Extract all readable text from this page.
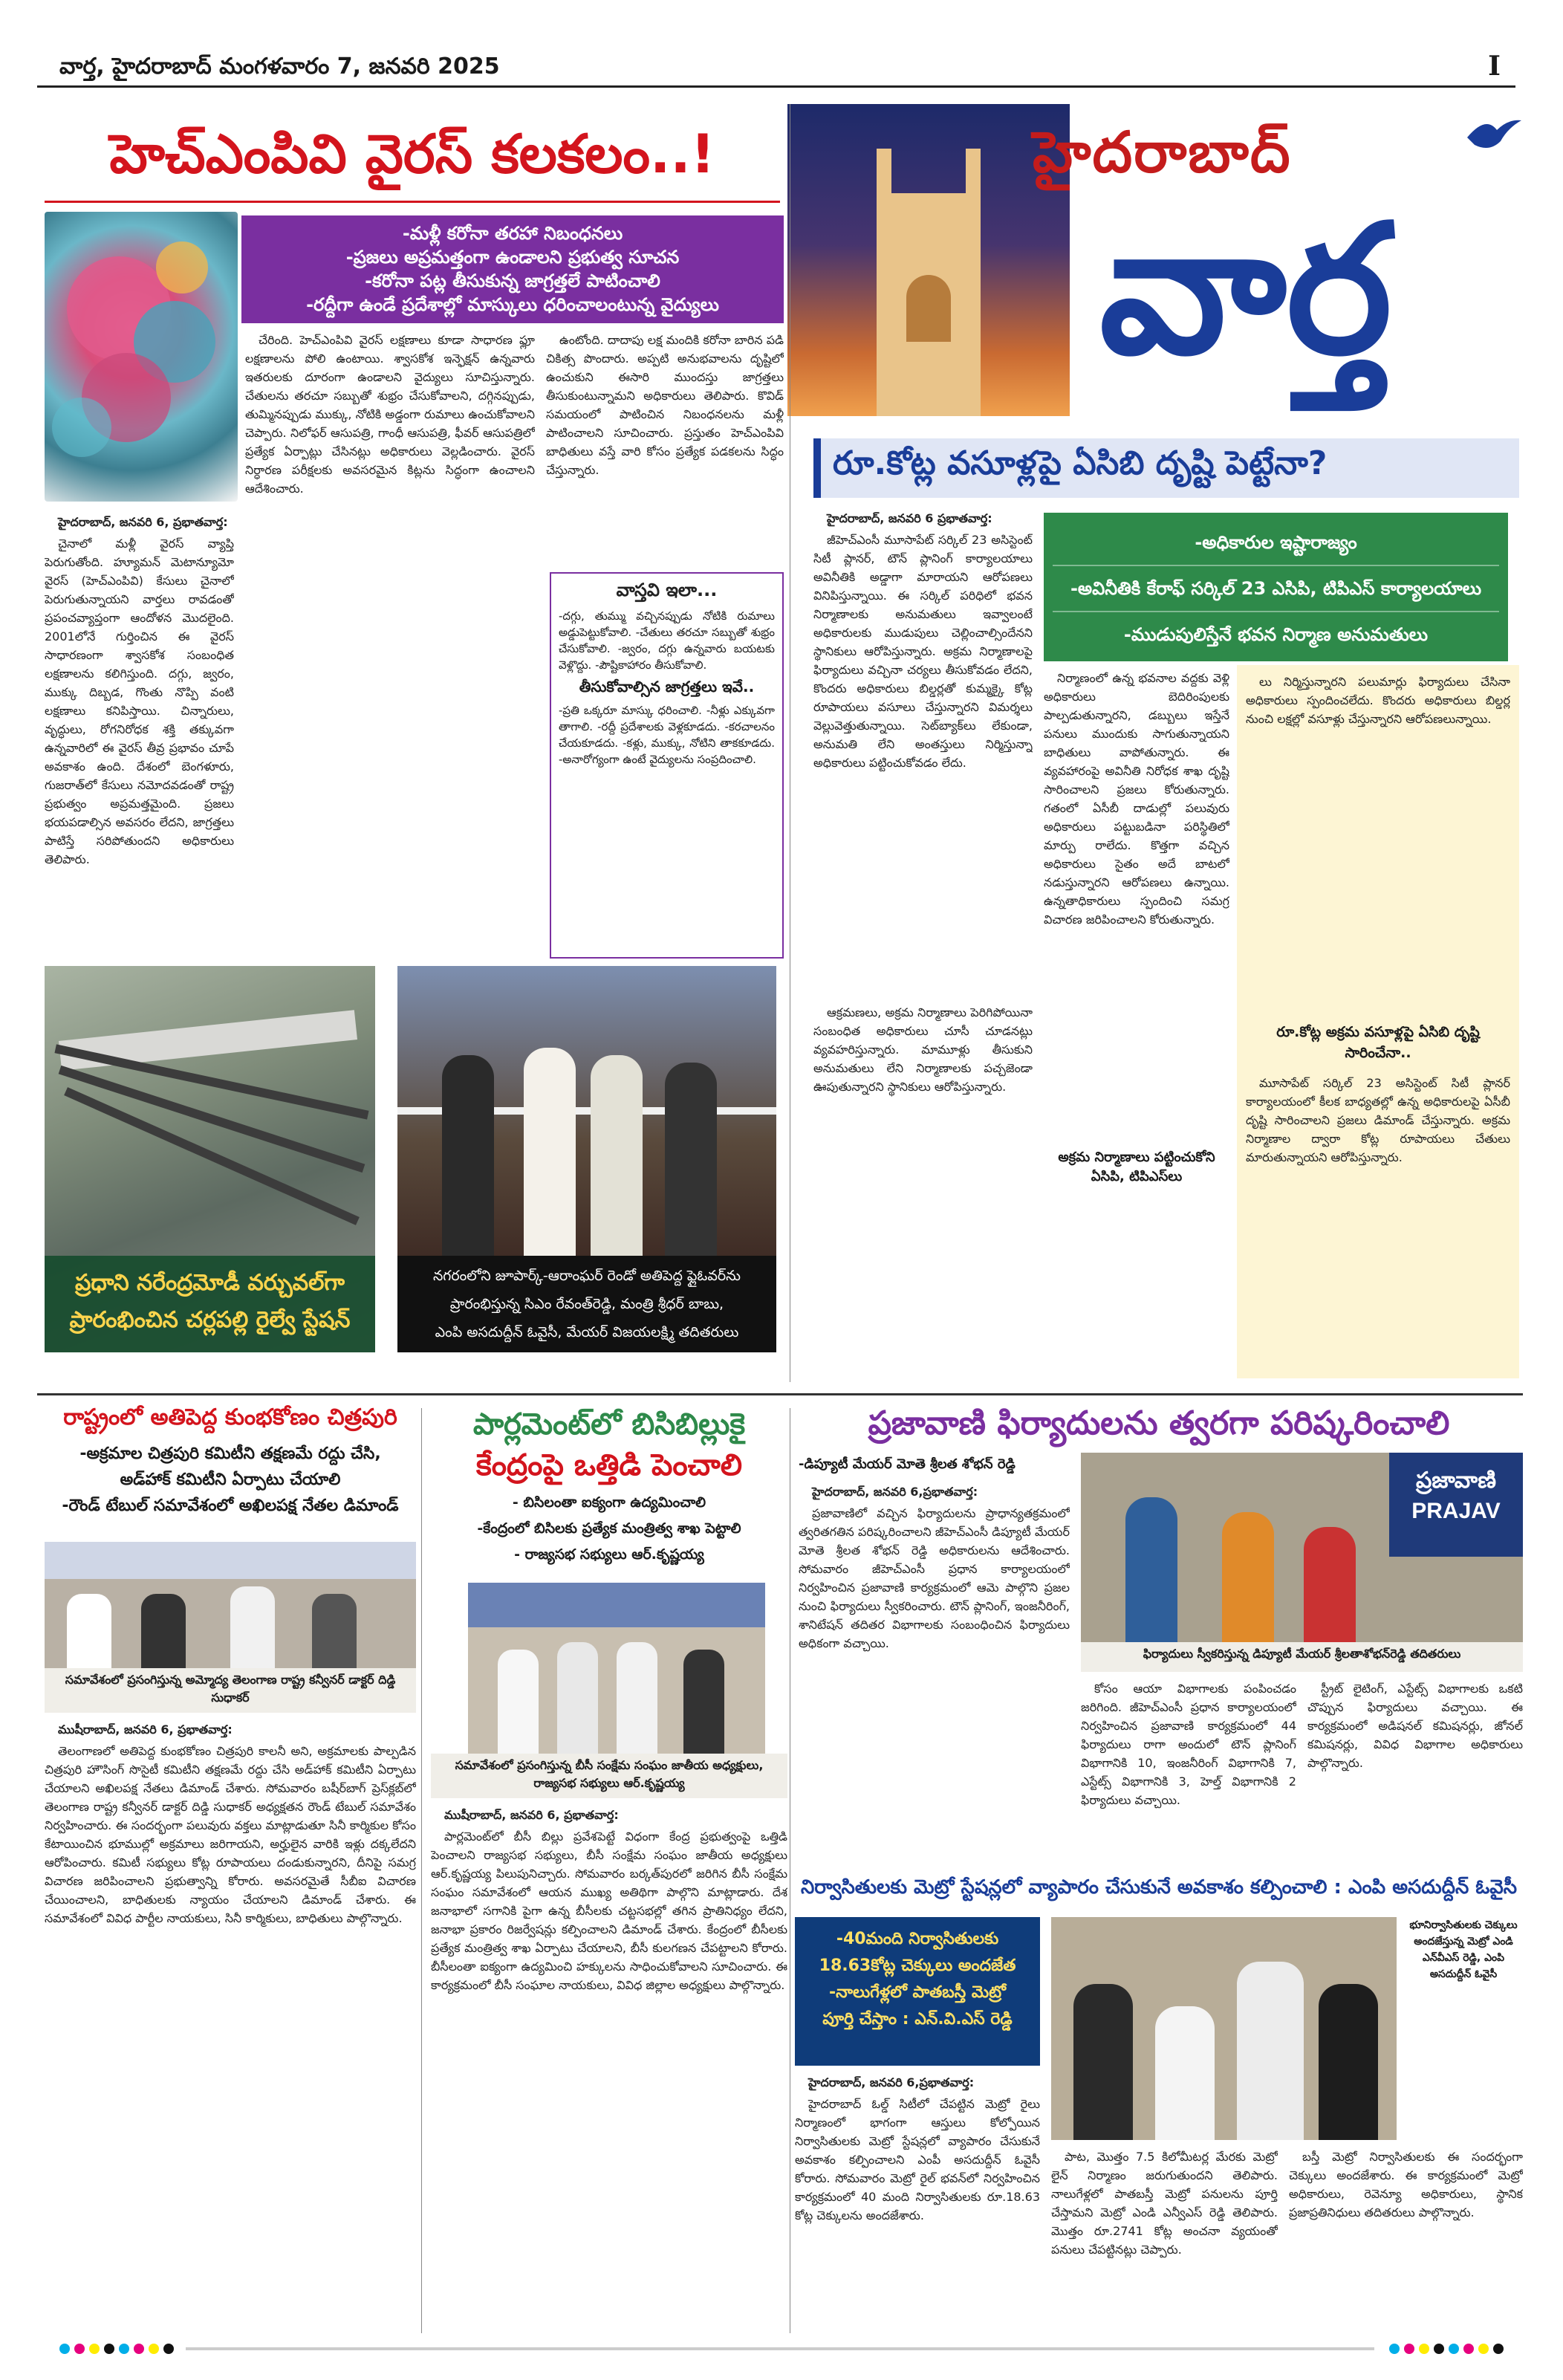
వార్త, హైదరాబాద్ మంగళవారం 7, జనవరి 2025	I
హెచ్‌ఎంపివి వైరస్ కలకలం..!
-మళ్లీ కరోనా తరహా నిబంధనలు
-ప్రజలు అప్రమత్తంగా ఉండాలని ప్రభుత్వ సూచన
-కరోనా పట్ల తీసుకున్న జాగ్రత్తలే పాటించాలి
-రద్దీగా ఉండే ప్రదేశాల్లో మాస్కులు ధరించాలంటున్న వైద్యులు

హైదరాబాద్, జనవరి 6, ప్రభాతవార్త:

చైనాలో మళ్లీ వైరస్ వ్యాప్తి పెరుగుతోంది. హ్యూమన్ మెటాన్యూమో వైరస్ (హెచ్‌ఎంపివి) కేసులు చైనాలో పెరుగుతున్నాయని వార్తలు రావడంతో ప్రపంచవ్యాప్తంగా ఆందోళన మొదలైంది. 2001లోనే గుర్తించిన ఈ వైరస్ సాధారణంగా శ్వాసకోశ సంబంధిత లక్షణాలను కలిగిస్తుంది. దగ్గు, జ్వరం, ముక్కు దిబ్బడ, గొంతు నొప్పి వంటి లక్షణాలు కనిపిస్తాయి. చిన్నారులు, వృద్ధులు, రోగనిరోధక శక్తి తక్కువగా ఉన్నవారిలో ఈ వైరస్ తీవ్ర ప్రభావం చూపే అవకాశం ఉంది. దేశంలో బెంగళూరు, గుజరాత్‌లో కేసులు నమోదవడంతో రాష్ట్ర ప్రభుత్వం అప్రమత్తమైంది. ప్రజలు భయపడాల్సిన అవసరం లేదని, జాగ్రత్తలు పాటిస్తే సరిపోతుందని అధికారులు తెలిపారు.

చేరింది. హెచ్‌ఎంపివి వైరస్ లక్షణాలు కూడా సాధారణ ఫ్లూ లక్షణాలను పోలి ఉంటాయి. శ్వాసకోశ ఇన్ఫెక్షన్ ఉన్నవారు ఇతరులకు దూరంగా ఉండాలని వైద్యులు సూచిస్తున్నారు. చేతులను తరచూ సబ్బుతో శుభ్రం చేసుకోవాలని, దగ్గినప్పుడు, తుమ్మినప్పుడు ముక్కు, నోటికి అడ్డంగా రుమాలు ఉంచుకోవాలని చెప్పారు. నిలోఫర్ ఆసుపత్రి, గాంధీ ఆసుపత్రి, ఫీవర్ ఆసుపత్రిలో ప్రత్యేక ఏర్పాట్లు చేసినట్లు అధికారులు వెల్లడించారు. వైరస్ నిర్ధారణ పరీక్షలకు అవసరమైన కిట్లను సిద్ధంగా ఉంచాలని ఆదేశించారు.

ఉంటోంది. దాదాపు లక్ష మందికి కరోనా బారిన పడి చికిత్స పొందారు. అప్పటి అనుభవాలను దృష్టిలో ఉంచుకుని ఈసారి ముందస్తు జాగ్రత్తలు తీసుకుంటున్నామని అధికారులు తెలిపారు. కొవిడ్ సమయంలో పాటించిన నిబంధనలను మళ్లీ పాటించాలని సూచించారు. ప్రస్తుతం హెచ్‌ఎంపివి బాధితులు వస్తే వారి కోసం ప్రత్యేక పడకలను సిద్ధం చేస్తున్నారు.

వాస్తవి ఇలా...
-దగ్గు, తుమ్ము వచ్చినప్పుడు నోటికి రుమాలు అడ్డుపెట్టుకోవాలి. -చేతులు తరచూ సబ్బుతో శుభ్రం చేసుకోవాలి. -జ్వరం, దగ్గు ఉన్నవారు బయటకు వెళ్లొద్దు. -పౌష్టికాహారం తీసుకోవాలి.
తీసుకోవాల్సిన జాగ్రత్తలు ఇవే..
-ప్రతి ఒక్కరూ మాస్కు ధరించాలి. -నీళ్లు ఎక్కువగా తాగాలి. -రద్దీ ప్రదేశాలకు వెళ్లకూడదు. -కరచాలనం చేయకూడదు. -కళ్లు, ముక్కు, నోటిని తాకకూడదు. -అనారోగ్యంగా ఉంటే వైద్యులను సంప్రదించాలి.
హైదరాబాద్
వార్త
రూ.కోట్ల వసూళ్లపై ఏసిబి దృష్టి పెట్టేనా?

హైదరాబాద్, జనవరి 6 ప్రభాతవార్త:

జీహెచ్‌ఎంసీ మూసాపేట్ సర్కిల్ 23 అసిస్టెంట్ సిటీ ప్లానర్, టౌన్ ప్లానింగ్ కార్యాలయాలు అవినీతికి అడ్డాగా మారాయని ఆరోపణలు వినిపిస్తున్నాయి. ఈ సర్కిల్ పరిధిలో భవన నిర్మాణాలకు అనుమతులు ఇవ్వాలంటే అధికారులకు ముడుపులు చెల్లించాల్సిందేనని స్థానికులు ఆరోపిస్తున్నారు. అక్రమ నిర్మాణాలపై ఫిర్యాదులు వచ్చినా చర్యలు తీసుకోవడం లేదని, కొందరు అధికారులు బిల్డర్లతో కుమ్మక్కై కోట్ల రూపాయలు వసూలు చేస్తున్నారని విమర్శలు వెల్లువెత్తుతున్నాయి. సెట్‌బ్యాక్‌లు లేకుండా, అనుమతి లేని అంతస్తులు నిర్మిస్తున్నా అధికారులు పట్టించుకోవడం లేదు.

-అధికారుల ఇష్టారాజ్యం
-అవినీతికి కేరాఫ్ సర్కిల్ 23 ఎసిపి, టిపిఎస్ కార్యాలయాలు
-ముడుపులిస్తేనే భవన నిర్మాణ అనుమతులు

ఆక్రమణలు, అక్రమ నిర్మాణాలు పెరిగిపోయినా సంబంధిత అధికారులు చూసీ చూడనట్లు వ్యవహరిస్తున్నారు. మామూళ్లు తీసుకుని అనుమతులు లేని నిర్మాణాలకు పచ్చజెండా ఊపుతున్నారని స్థానికులు ఆరోపిస్తున్నారు.

నిర్మాణంలో ఉన్న భవనాల వద్దకు వెళ్లి అధికారులు బెదిరింపులకు పాల్పడుతున్నారని, డబ్బులు ఇస్తేనే పనులు ముందుకు సాగుతున్నాయని బాధితులు వాపోతున్నారు. ఈ వ్యవహారంపై అవినీతి నిరోధక శాఖ దృష్టి సారించాలని ప్రజలు కోరుతున్నారు. గతంలో ఏసీబీ దాడుల్లో పలువురు అధికారులు పట్టుబడినా పరిస్థితిలో మార్పు రాలేదు. కొత్తగా వచ్చిన అధికారులు సైతం అదే బాటలో నడుస్తున్నారని ఆరోపణలు ఉన్నాయి. ఉన్నతాధికారులు స్పందించి సమగ్ర విచారణ జరిపించాలని కోరుతున్నారు.

అక్రమ నిర్మాణాలు పట్టించుకోని ఏసిపి, టిపిఎస్‌లు

లు నిర్మిస్తున్నారని పలుమార్లు ఫిర్యాదులు చేసినా అధికారులు స్పందించలేదు. కొందరు అధికారులు బిల్డర్ల నుంచి లక్షల్లో వసూళ్లు చేస్తున్నారని ఆరోపణలున్నాయి.

రూ.కోట్ల అక్రమ వసూళ్లపై ఏసిబి దృష్టి సారించేనా..

మూసాపేట్ సర్కిల్ 23 అసిస్టెంట్ సిటీ ప్లానర్ కార్యాలయంలో కీలక బాధ్యతల్లో ఉన్న అధికారులపై ఏసీబీ దృష్టి సారించాలని ప్రజలు డిమాండ్ చేస్తున్నారు. అక్రమ నిర్మాణాల ద్వారా కోట్ల రూపాయలు చేతులు మారుతున్నాయని ఆరోపిస్తున్నారు.

ప్రధాని నరేంద్రమోడీ వర్చువల్‌గా
ప్రారంభించిన చర్లపల్లి రైల్వే స్టేషన్
నగరంలోని జూపార్క్-ఆరాంఘర్ రెండో అతిపెద్ద ఫ్లైఓవర్‌ను
ప్రారంభిస్తున్న సిఎం రేవంత్‌రెడ్డి, మంత్రి శ్రీధర్ బాబు,
ఎంపి అసదుద్దీన్ ఓవైసీ, మేయర్ విజయలక్ష్మి తదితరులు
రాష్ట్రంలో అతిపెద్ద కుంభకోణం చిత్రపురి
-అక్రమాల చిత్రపురి కమిటీని తక్షణమే రద్దు చేసి,
అడ్‌హాక్ కమిటీని ఏర్పాటు చేయాలి
-రౌండ్ టేబుల్ సమావేశంలో అఖిలపక్ష నేతల డిమాండ్
సమావేశంలో ప్రసంగిస్తున్న అమ్మోద్య తెలంగాణ రాష్ట్ర కన్వీనర్ డాక్టర్ దిడ్డి సుధాకర్

ముషీరాబాద్, జనవరి 6, ప్రభాతవార్త:

తెలంగాణలో అతిపెద్ద కుంభకోణం చిత్రపురి కాలనీ అని, అక్రమాలకు పాల్పడిన చిత్రపురి హౌసింగ్ సొసైటీ కమిటీని తక్షణమే రద్దు చేసి అడ్‌హాక్ కమిటీని ఏర్పాటు చేయాలని అఖిలపక్ష నేతలు డిమాండ్ చేశారు. సోమవారం బషీర్‌బాగ్ ప్రెస్‌క్లబ్‌లో తెలంగాణ రాష్ట్ర కన్వీనర్ డాక్టర్ దిడ్డి సుధాకర్ అధ్యక్షతన రౌండ్ టేబుల్ సమావేశం నిర్వహించారు. ఈ సందర్భంగా పలువురు వక్తలు మాట్లాడుతూ సినీ కార్మికుల కోసం కేటాయించిన భూముల్లో అక్రమాలు జరిగాయని, అర్హులైన వారికి ఇళ్లు దక్కలేదని ఆరోపించారు. కమిటీ సభ్యులు కోట్ల రూపాయలు దండుకున్నారని, దీనిపై సమగ్ర విచారణ జరిపించాలని ప్రభుత్వాన్ని కోరారు. అవసరమైతే సీబీఐ విచారణ చేయించాలని, బాధితులకు న్యాయం చేయాలని డిమాండ్ చేశారు. ఈ సమావేశంలో వివిధ పార్టీల నాయకులు, సినీ కార్మికులు, బాధితులు పాల్గొన్నారు.

పార్లమెంట్‌లో బిసిబిల్లుకై
కేంద్రంపై ఒత్తిడి పెంచాలి
- బిసిలంతా ఐక్యంగా ఉద్యమించాలి
-కేంద్రంలో బిసిలకు ప్రత్యేక మంత్రిత్వ శాఖ పెట్టాలి
- రాజ్యసభ సభ్యులు ఆర్.కృష్ణయ్య
సమావేశంలో ప్రసంగిస్తున్న బీసీ సంక్షేమ సంఘం జాతీయ అధ్యక్షులు, రాజ్యసభ సభ్యులు ఆర్.కృష్ణయ్య

ముషీరాబాద్, జనవరి 6, ప్రభాతవార్త:

పార్లమెంట్‌లో బీసీ బిల్లు ప్రవేశపెట్టే విధంగా కేంద్ర ప్రభుత్వంపై ఒత్తిడి పెంచాలని రాజ్యసభ సభ్యులు, బీసీ సంక్షేమ సంఘం జాతీయ అధ్యక్షులు ఆర్.కృష్ణయ్య పిలుపునిచ్చారు. సోమవారం బర్కత్‌పురలో జరిగిన బీసీ సంక్షేమ సంఘం సమావేశంలో ఆయన ముఖ్య అతిథిగా పాల్గొని మాట్లాడారు. దేశ జనాభాలో సగానికి పైగా ఉన్న బీసీలకు చట్టసభల్లో తగిన ప్రాతినిధ్యం లేదని, జనాభా ప్రకారం రిజర్వేషన్లు కల్పించాలని డిమాండ్ చేశారు. కేంద్రంలో బీసీలకు ప్రత్యేక మంత్రిత్వ శాఖ ఏర్పాటు చేయాలని, బీసీ కులగణన చేపట్టాలని కోరారు. బీసీలంతా ఐక్యంగా ఉద్యమించి హక్కులను సాధించుకోవాలని సూచించారు. ఈ కార్యక్రమంలో బీసీ సంఘాల నాయకులు, వివిధ జిల్లాల అధ్యక్షులు పాల్గొన్నారు.

ప్రజావాణి ఫిర్యాదులను త్వరగా పరిష్కరించాలి
-డిప్యూటీ మేయర్ మోతె శ్రీలత శోభన్ రెడ్డి
ప్రజావాణి
PRAJAV
ఫిర్యాదులు స్వీకరిస్తున్న డిప్యూటీ మేయర్ శ్రీలతాశోభన్‌రెడ్డి తదితరులు

హైదరాబాద్, జనవరి 6,ప్రభాతవార్త:

ప్రజావాణిలో వచ్చిన ఫిర్యాదులను ప్రాధాన్యతక్రమంలో త్వరితగతిన పరిష్కరించాలని జీహెచ్ఎంసీ డిప్యూటీ మేయర్ మోతె శ్రీలత శోభన్ రెడ్డి అధికారులను ఆదేశించారు. సోమవారం జీహెచ్ఎంసీ ప్రధాన కార్యాలయంలో నిర్వహించిన ప్రజావాణి కార్యక్రమంలో ఆమె పాల్గొని ప్రజల నుంచి ఫిర్యాదులు స్వీకరించారు. టౌన్ ప్లానింగ్, ఇంజనీరింగ్, శానిటేషన్ తదితర విభాగాలకు సంబంధించిన ఫిర్యాదులు అధికంగా వచ్చాయి.

కోసం ఆయా విభాగాలకు పంపించడం జరిగింది. జీహెచ్ఎంసీ ప్రధాన కార్యాలయంలో నిర్వహించిన ప్రజావాణి కార్యక్రమంలో 44 ఫిర్యాదులు రాగా అందులో టౌన్ ప్లానింగ్ విభాగానికి 10, ఇంజనీరింగ్ విభాగానికి 7, ఎస్టేట్స్ విభాగానికి 3, హెల్త్ విభాగానికి 2 ఫిర్యాదులు వచ్చాయి.

స్ట్రీట్ లైటింగ్, ఎస్టేట్స్ విభాగాలకు ఒకటి చొప్పున ఫిర్యాదులు వచ్చాయి. ఈ కార్యక్రమంలో అడిషనల్ కమిషనర్లు, జోనల్ కమిషనర్లు, వివిధ విభాగాల అధికారులు పాల్గొన్నారు.

నిర్వాసితులకు మెట్రో స్టేషన్లలో వ్యాపారం చేసుకునే అవకాశం కల్పించాలి : ఎంపి అసదుద్దీన్ ఓవైసీ
-40మంది నిర్వాసితులకు
18.63కోట్ల చెక్కులు అందజేత
-నాలుగేళ్లలో పాతబస్తీ మెట్రో
పూర్తి చేస్తాం : ఎన్.వి.ఎస్ రెడ్డి

హైదరాబాద్, జనవరి 6,ప్రభాతవార్త:

హైదరాబాద్ ఓల్డ్ సిటీలో చేపట్టిన మెట్రో రైలు నిర్మాణంలో భాగంగా ఆస్తులు కోల్పోయిన నిర్వాసితులకు మెట్రో స్టేషన్లలో వ్యాపారం చేసుకునే అవకాశం కల్పించాలని ఎంపీ అసదుద్దీన్ ఓవైసీ కోరారు. సోమవారం మెట్రో రైల్ భవన్‌లో నిర్వహించిన కార్యక్రమంలో 40 మంది నిర్వాసితులకు రూ.18.63 కోట్ల చెక్కులను అందజేశారు.

భూనిర్వాసితులకు చెక్కులు అందజేస్తున్న మెట్రో ఎండి ఎన్‌వీఎస్ రెడ్డి, ఎంపి అసదుద్దీన్ ఓవైసీ

పాట, మొత్తం 7.5 కిలోమీటర్ల మేరకు మెట్రో లైన్ నిర్మాణం జరుగుతుందని తెలిపారు. నాలుగేళ్లలో పాతబస్తీ మెట్రో పనులను పూర్తి చేస్తామని మెట్రో ఎండి ఎన్వీఎస్ రెడ్డి తెలిపారు. మొత్తం రూ.2741 కోట్ల అంచనా వ్యయంతో పనులు చేపట్టినట్లు చెప్పారు.

బస్తీ మెట్రో నిర్వాసితులకు ఈ సందర్భంగా చెక్కులు అందజేశారు. ఈ కార్యక్రమంలో మెట్రో అధికారులు, రెవెన్యూ అధికారులు, స్థానిక ప్రజాప్రతినిధులు తదితరులు పాల్గొన్నారు.
